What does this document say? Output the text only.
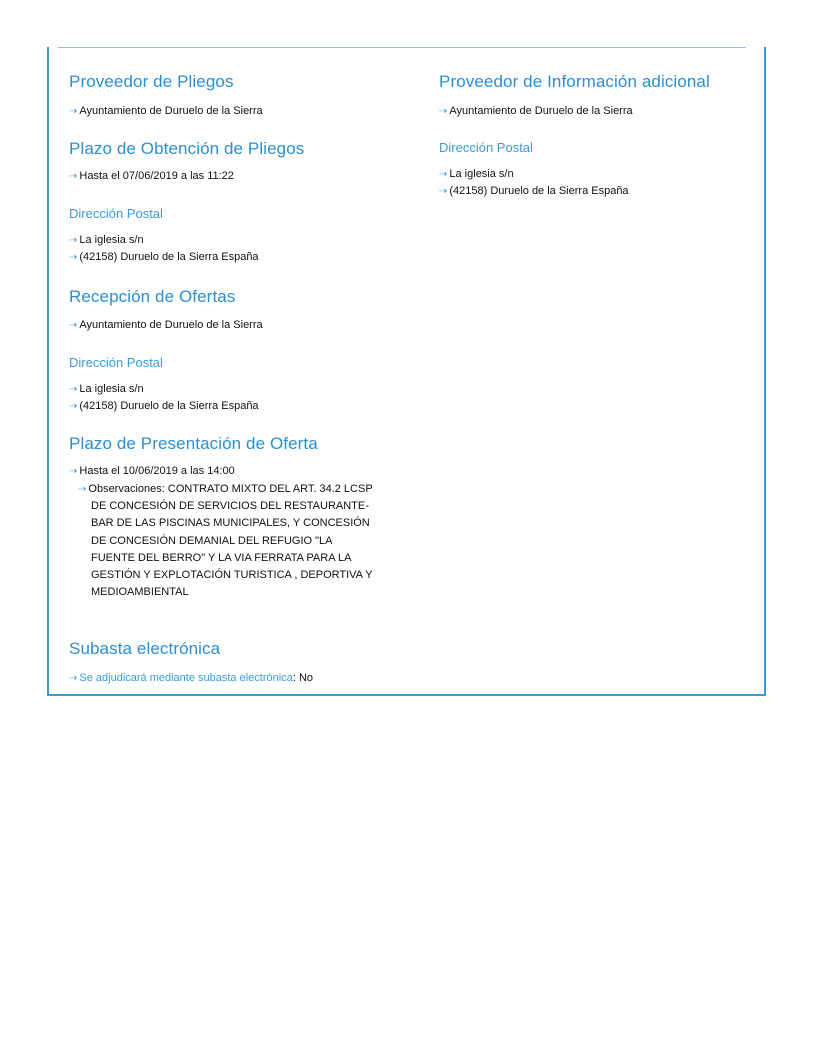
Proveedor de Pliegos
⇢ Ayuntamiento de Duruelo de la Sierra
Plazo de Obtención de Pliegos
⇢ Hasta el 07/06/2019 a las 11:22
Dirección Postal
⇢ La iglesia s/n
⇢ (42158) Duruelo de la Sierra España
Recepción de Ofertas
⇢ Ayuntamiento de Duruelo de la Sierra
Dirección Postal
⇢ La iglesia s/n
⇢ (42158) Duruelo de la Sierra España
Plazo de Presentación de Oferta
⇢ Hasta el 10/06/2019 a las 14:00
⇢ Observaciones: CONTRATO MIXTO DEL ART. 34.2 LCSP DE CONCESIÓN DE SERVICIOS DEL RESTAURANTE-BAR DE LAS PISCINAS MUNICIPALES, Y CONCESIÓN DE CONCESIÓN DEMANIAL DEL REFUGIO "LA FUENTE DEL BERRO" Y LA VIA FERRATA PARA LA GESTIÓN Y EXPLOTACIÓN TURISTICA , DEPORTIVA Y MEDIOAMBIENTAL
Subasta electrónica
⇢ Se adjudicará mediante subasta electrónica: No
Proveedor de Información adicional
⇢ Ayuntamiento de Duruelo de la Sierra
Dirección Postal
⇢ La iglesia s/n
⇢ (42158) Duruelo de la Sierra España
